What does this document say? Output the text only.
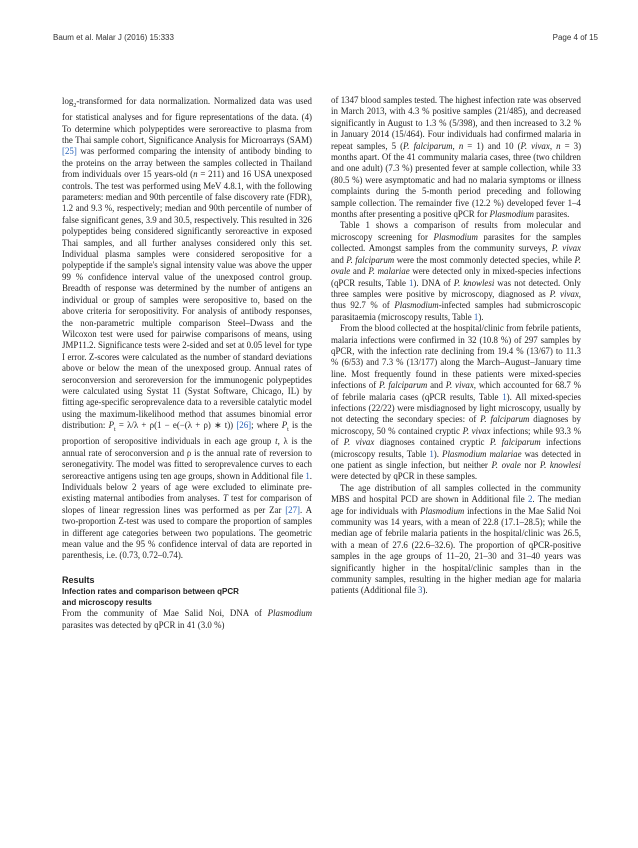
Baum et al. Malar J (2016) 15:333	Page 4 of 15

$\log_2$-transformed for data normalization. Normalized data was used for statistical analyses and for figure representations of the data. (4) To determine which polypeptides were seroreactive to plasma from the Thai sample cohort, Significance Analysis for Microarrays (SAM) [25] was performed comparing the intensity of antibody binding to the proteins on the array between the samples collected in Thailand from individuals over 15 years-old (n = 211) and 16 USA unexposed controls. The test was performed using MeV 4.8.1, with the following parameters: median and 90th percentile of false discovery rate (FDR), 1.2 and 9.3 %, respectively; median and 90th percentile of number of false significant genes, 3.9 and 30.5, respectively. This resulted in 326 polypeptides being considered significantly seroreactive in exposed Thai samples, and all further analyses considered only this set. Individual plasma samples were considered seropositive for a polypeptide if the sample's signal intensity value was above the upper 99 % confidence interval value of the unexposed control group. Breadth of response was determined by the number of antigens an individual or group of samples were seropositive to, based on the above criteria for seropositivity. For analysis of antibody responses, the non-parametric multiple comparison Steel–Dwass and the Wilcoxon test were used for pairwise comparisons of means, using JMP11.2. Significance tests were 2-sided and set at 0.05 level for type I error. Z-scores were calculated as the number of standard deviations above or below the mean of the unexposed group. Annual rates of seroconversion and seroreversion for the immunogenic polypeptides were calculated using Systat 11 (Systat Software, Chicago, IL) by fitting age-specific seroprevalence data to a reversible catalytic model using the maximum-likelihood method that assumes binomial error distribution: $P_t = \lambda/\lambda + \rho(1 - e(-(\lambda + \rho)$ ∗ t)) [26]; where $P_t$ is the proportion of seropositive individuals in each age group t, λ is the annual rate of seroconversion and ρ is the annual rate of reversion to seronegativity. The model was fitted to seroprevalence curves to each seroreactive antigens using ten age groups, shown in Additional file 1. Individuals below 2 years of age were excluded to eliminate pre-existing maternal antibodies from analyses. T test for comparison of slopes of linear regression lines was performed as per Zar [27]. A two-proportion Z-test was used to compare the proportion of samples in different age categories between two populations. The geometric mean value and the 95 % confidence interval of data are reported in parenthesis, i.e. (0.73, 0.72–0.74).

Results
Infection rates and comparison between qPCR
and microscopy results

From the community of Mae Salid Noi, DNA of Plasmodium parasites was detected by qPCR in 41 (3.0 %)

of 1347 blood samples tested. The highest infection rate was observed in March 2013, with 4.3 % positive samples (21/485), and decreased significantly in August to 1.3 % (5/398), and then increased to 3.2 % in January 2014 (15/464). Four individuals had confirmed malaria in repeat samples, 5 (P. falciparum, n = 1) and 10 (P. vivax, n = 3) months apart. Of the 41 community malaria cases, three (two children and one adult) (7.3 %) presented fever at sample collection, while 33 (80.5 %) were asymptomatic and had no malaria symptoms or illness complaints during the 5-month period preceding and following sample collection. The remainder five (12.2 %) developed fever 1–4 months after presenting a positive qPCR for Plasmodium parasites.

Table 1 shows a comparison of results from molecular and microscopy screening for Plasmodium parasites for the samples collected. Amongst samples from the community surveys, P. vivax and P. falciparum were the most commonly detected species, while P. ovale and P. malariae were detected only in mixed-species infections (qPCR results, Table 1). DNA of P. knowlesi was not detected. Only three samples were positive by microscopy, diagnosed as P. vivax, thus 92.7 % of Plasmodium-infected samples had submicroscopic parasitaemia (microscopy results, Table 1).

From the blood collected at the hospital/clinic from febrile patients, malaria infections were confirmed in 32 (10.8 %) of 297 samples by qPCR, with the infection rate declining from 19.4 % (13/67) to 11.3 % (6/53) and 7.3 % (13/177) along the March–August–January time line. Most frequently found in these patients were mixed-species infections of P. falciparum and P. vivax, which accounted for 68.7 % of febrile malaria cases (qPCR results, Table 1). All mixed-species infections (22/22) were misdiagnosed by light microscopy, usually by not detecting the secondary species: of P. falciparum diagnoses by microscopy, 50 % contained cryptic P. vivax infections; while 93.3 % of P. vivax diagnoses contained cryptic P. falciparum infections (microscopy results, Table 1). Plasmodium malariae was detected in one patient as single infection, but neither P. ovale nor P. knowlesi were detected by qPCR in these samples.

The age distribution of all samples collected in the community MBS and hospital PCD are shown in Additional file 2. The median age for individuals with Plasmodium infections in the Mae Salid Noi community was 14 years, with a mean of 22.8 (17.1–28.5); while the median age of febrile malaria patients in the hospital/clinic was 26.5, with a mean of 27.6 (22.6–32.6). The proportion of qPCR-positive samples in the age groups of 11–20, 21–30 and 31–40 years was significantly higher in the hospital/clinic samples than in the community samples, resulting in the higher median age for malaria patients (Additional file 3).
